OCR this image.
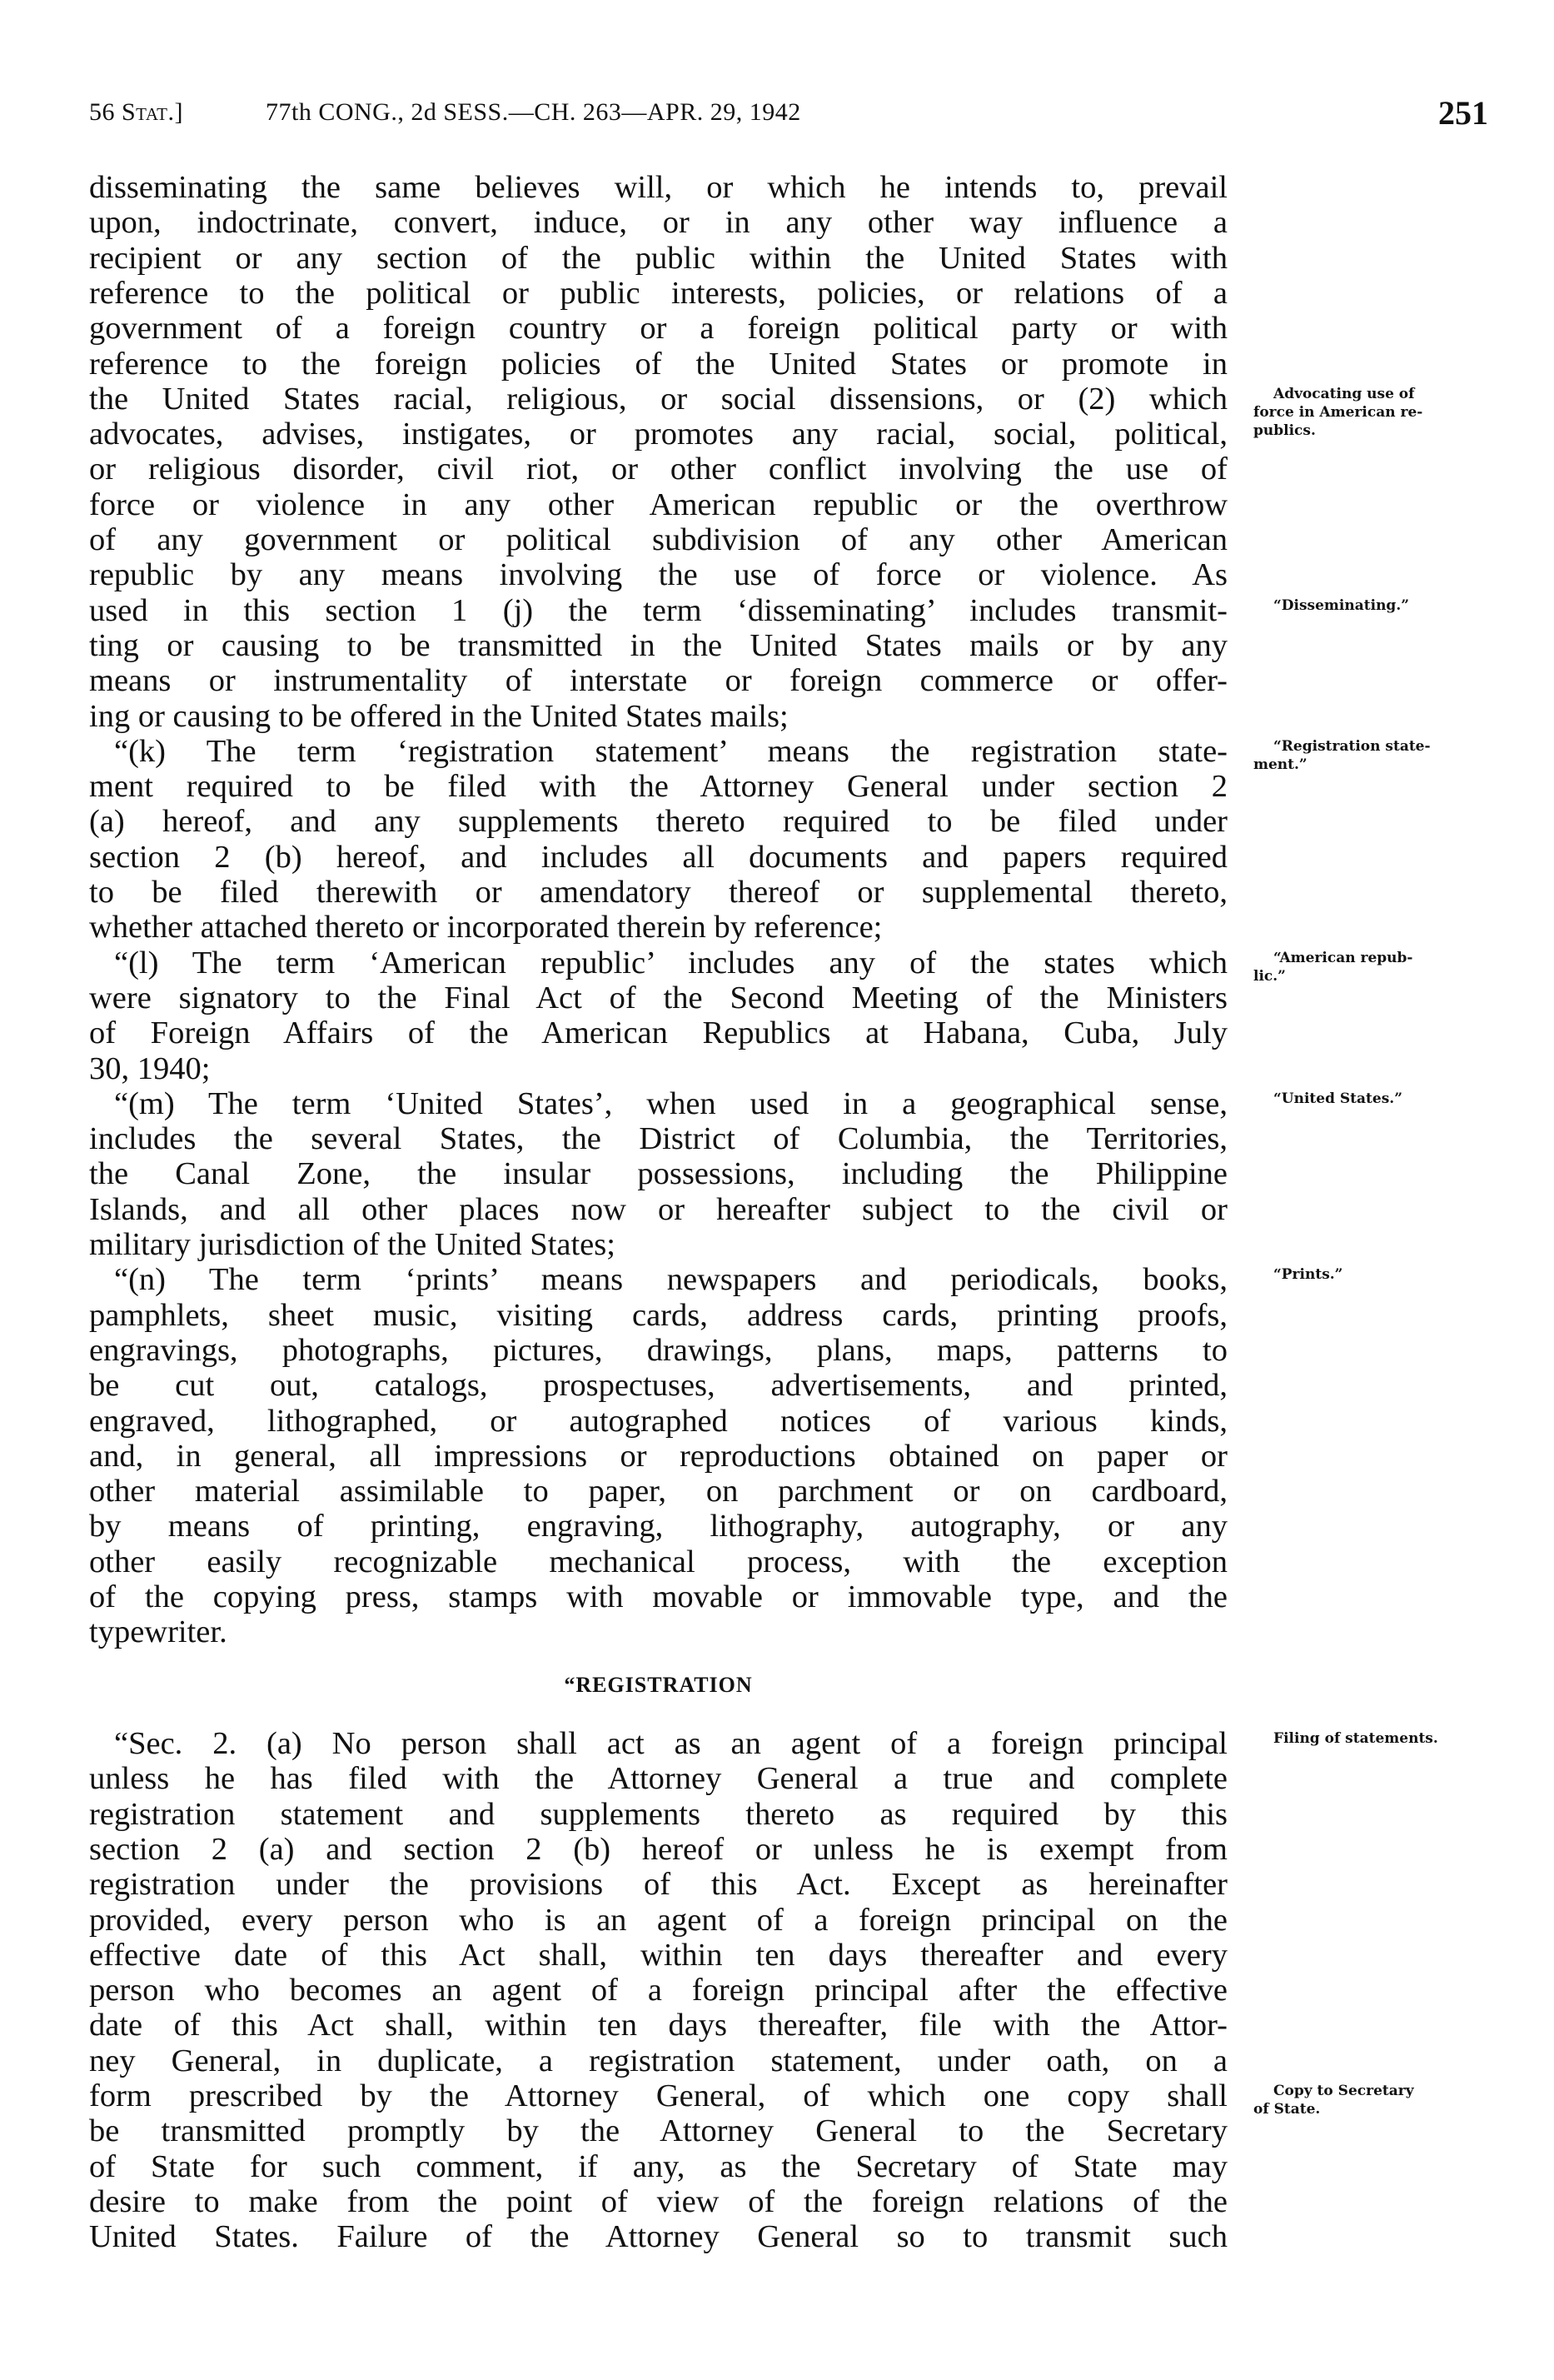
56 Stat.]	77th CONG., 2d SESS.—CH. 263—APR. 29, 1942	251
disseminating the same believes will, or which he intends to, prevail
upon, indoctrinate, convert, induce, or in any other way influence a
recipient or any section of the public within the United States with
reference to the political or public interests, policies, or relations of a
government of a foreign country or a foreign political party or with
reference to the foreign policies of the United States or promote in
the United States racial, religious, or social dissensions, or (2) which
advocates, advises, instigates, or promotes any racial, social, political,
or religious disorder, civil riot, or other conflict involving the use of
force or violence in any other American republic or the overthrow
of any government or political subdivision of any other American
republic by any means involving the use of force or violence. As
used in this section 1 (j) the term ‘disseminating’ includes transmit-
ting or causing to be transmitted in the United States mails or by any
means or instrumentality of interstate or foreign commerce or offer-
ing or causing to be offered in the United States mails;
“(k) The term ‘registration statement’ means the registration state-
ment required to be filed with the Attorney General under section 2
(a) hereof, and any supplements thereto required to be filed under
section 2 (b) hereof, and includes all documents and papers required
to be filed therewith or amendatory thereof or supplemental thereto,
whether attached thereto or incorporated therein by reference;
“(l) The term ‘American republic’ includes any of the states which
were signatory to the Final Act of the Second Meeting of the Ministers
of Foreign Affairs of the American Republics at Habana, Cuba, July
30, 1940;
“(m) The term ‘United States’, when used in a geographical sense,
includes the several States, the District of Columbia, the Territories,
the Canal Zone, the insular possessions, including the Philippine
Islands, and all other places now or hereafter subject to the civil or
military jurisdiction of the United States;
“(n) The term ‘prints’ means newspapers and periodicals, books,
pamphlets, sheet music, visiting cards, address cards, printing proofs,
engravings, photographs, pictures, drawings, plans, maps, patterns to
be cut out, catalogs, prospectuses, advertisements, and printed,
engraved, lithographed, or autographed notices of various kinds,
and, in general, all impressions or reproductions obtained on paper or
other material assimilable to paper, on parchment or on cardboard,
by means of printing, engraving, lithography, autography, or any
other easily recognizable mechanical process, with the exception
of the copying press, stamps with movable or immovable type, and the
typewriter.
“REGISTRATION
“Sec. 2. (a) No person shall act as an agent of a foreign principal
unless he has filed with the Attorney General a true and complete
registration statement and supplements thereto as required by this
section 2 (a) and section 2 (b) hereof or unless he is exempt from
registration under the provisions of this Act. Except as hereinafter
provided, every person who is an agent of a foreign principal on the
effective date of this Act shall, within ten days thereafter and every
person who becomes an agent of a foreign principal after the effective
date of this Act shall, within ten days thereafter, file with the Attor-
ney General, in duplicate, a registration statement, under oath, on a
form prescribed by the Attorney General, of which one copy shall
be transmitted promptly by the Attorney General to the Secretary
of State for such comment, if any, as the Secretary of State may
desire to make from the point of view of the foreign relations of the
United States. Failure of the Attorney General so to transmit such
Advocating use of
force in American re-
publics.
“Disseminating.”
“Registration state-
ment.”
“American repub-
lic.”
“United States.”
“Prints.”
Filing of statements.
Copy to Secretary
of State.
